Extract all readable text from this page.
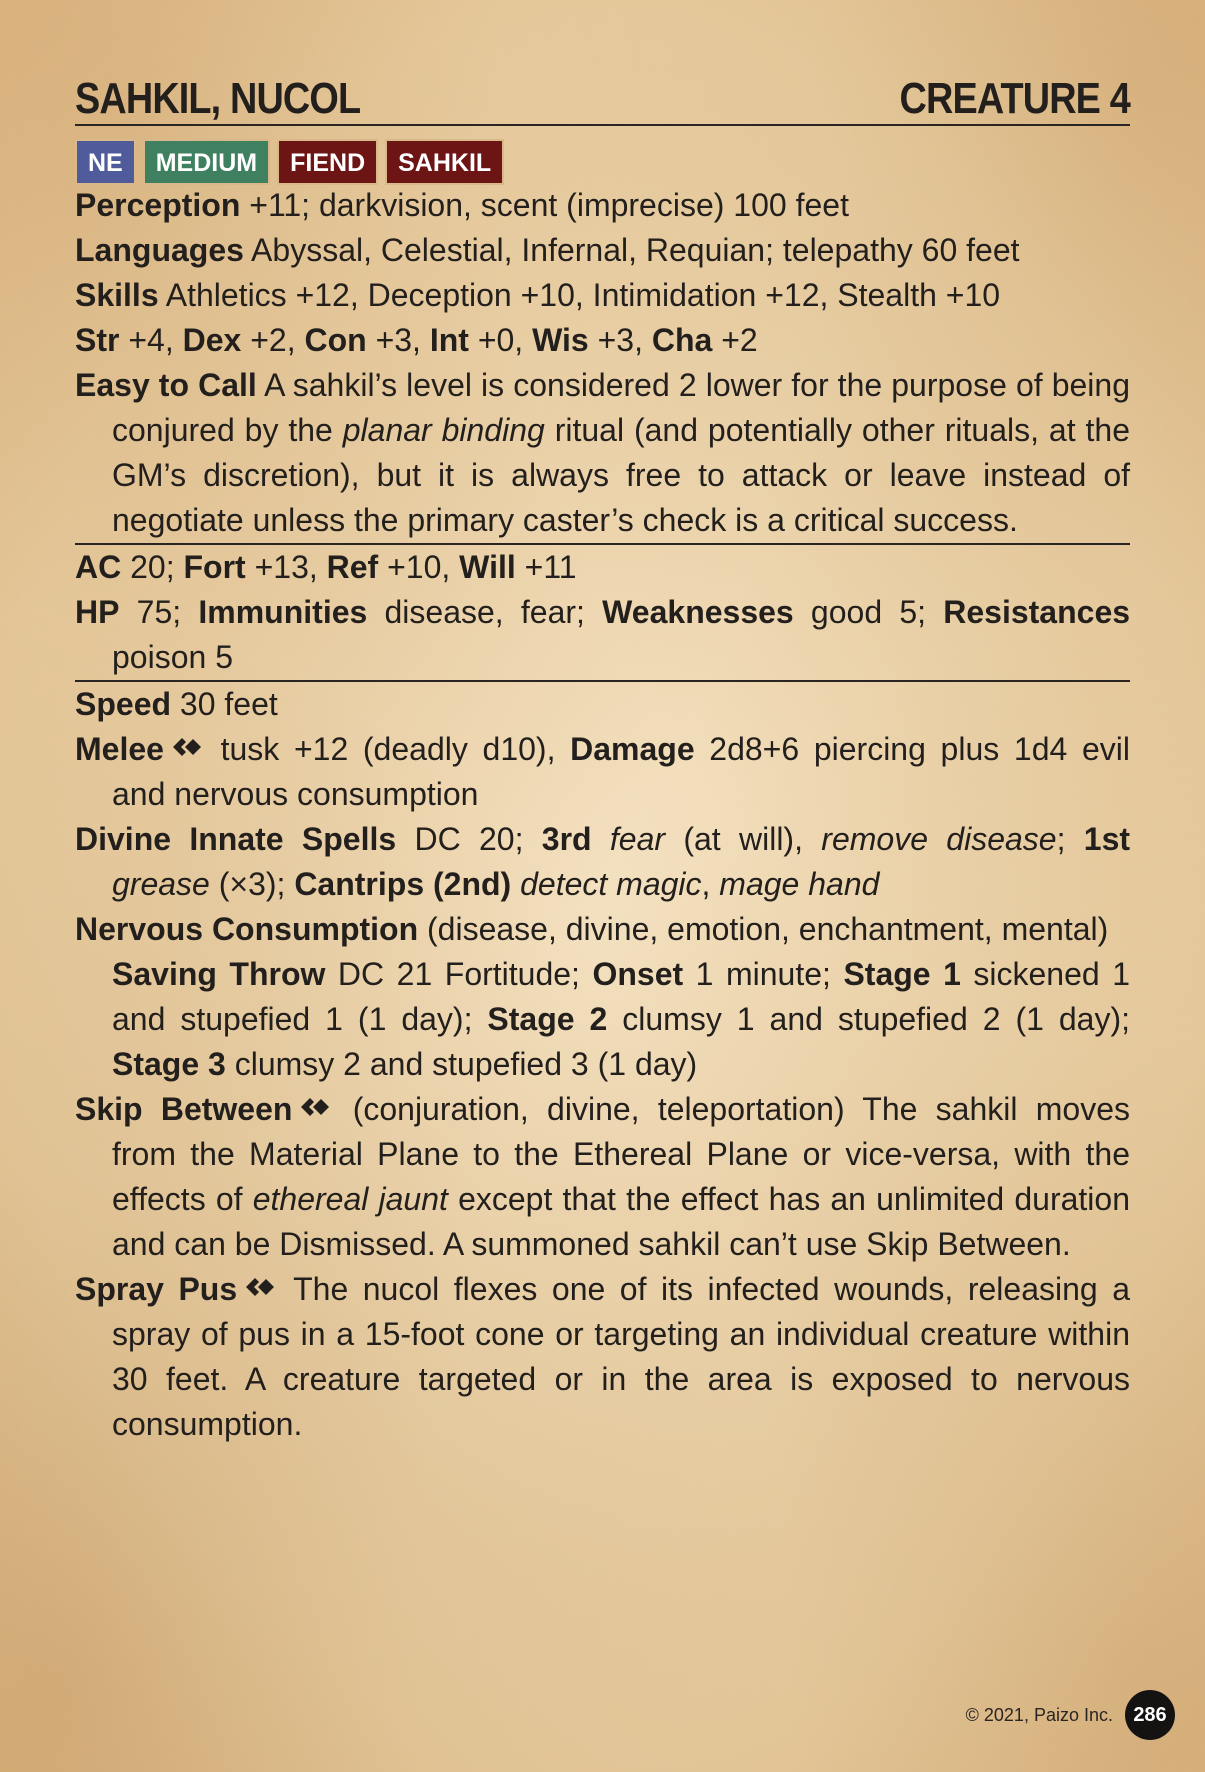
SAHKIL, NUCOL	CREATURE 4
NE	MEDIUM	FIEND	SAHKIL
Perception +11; darkvision, scent (imprecise) 100 feet
Languages Abyssal, Celestial, Infernal, Requian; telepathy 60 feet
Skills Athletics +12, Deception +10, Intimidation +12, Stealth +10
Str +4, Dex +2, Con +3, Int +0, Wis +3, Cha +2
Easy to Call A sahkil’s level is considered 2 lower for the purpose of being conjured by the planar binding ritual (and potentially other rituals, at the GM’s discretion), but it is always free to attack or leave instead of negotiate unless the primary caster’s check is a critical success.
AC 20; Fort +13, Ref +10, Will +11
HP 75; Immunities disease, fear; Weaknesses good 5; Resistances poison 5
Speed 30 feet
Melee tusk +12 (deadly d10), Damage 2d8+6 piercing plus 1d4 evil and nervous consumption
Divine Innate Spells DC 20; 3rd fear (at will), remove disease; 1st grease (×3); Cantrips (2nd) detect magic, mage hand
Nervous Consumption (disease, divine, emotion, enchantment, mental)
Saving Throw DC 21 Fortitude; Onset 1 minute; Stage 1 sickened 1 and stupefied 1 (1 day); Stage 2 clumsy 1 and stupefied 2 (1 day); Stage 3 clumsy 2 and stupefied 3 (1 day)
Skip Between (conjuration, divine, teleportation) The sahkil moves from the Material Plane to the Ethereal Plane or vice-versa, with the effects of ethereal jaunt except that the effect has an unlimited duration and can be Dismissed. A summoned sahkil can’t use Skip Between.
Spray Pus The nucol flexes one of its infected wounds, releasing a spray of pus in a 15-foot cone or targeting an individual creature within 30 feet. A creature targeted or in the area is exposed to nervous consumption.
© 2021, Paizo Inc.	286
